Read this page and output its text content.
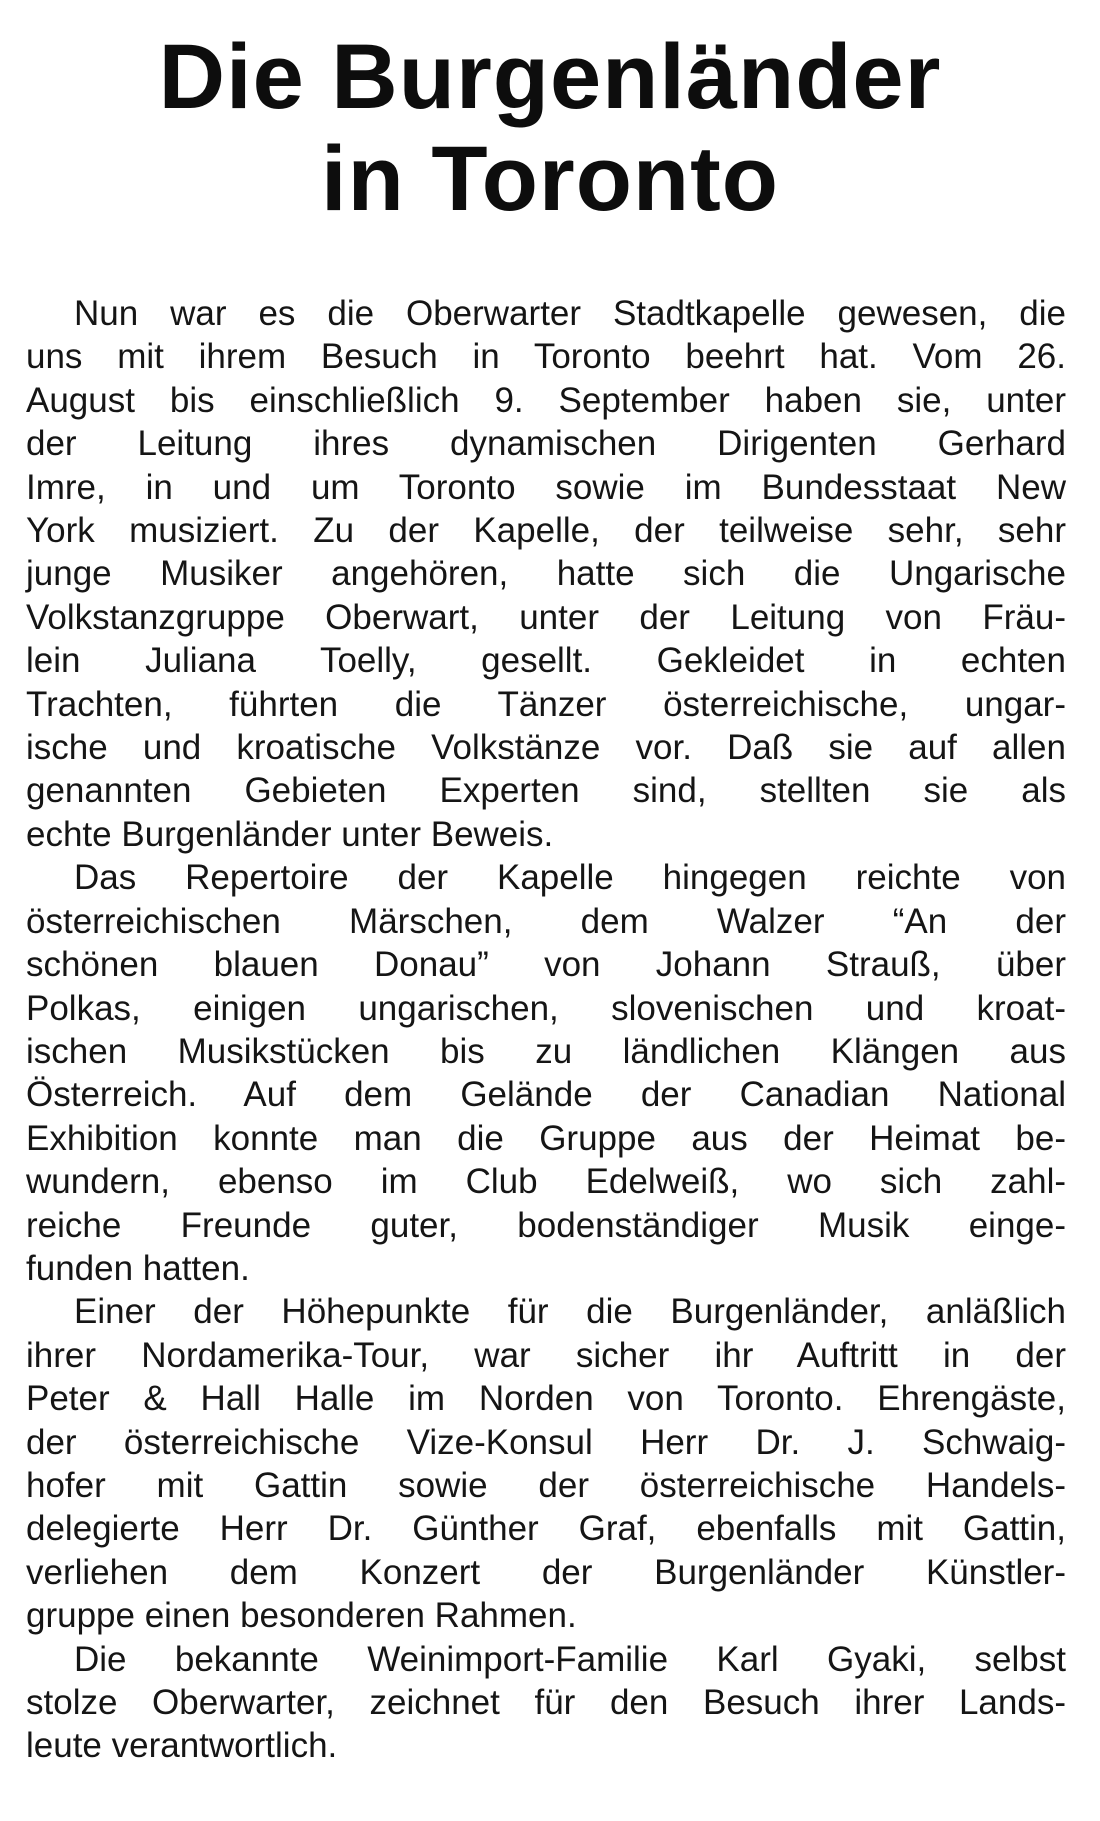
Die Burgenländer
in Toronto
Nun war es die Oberwarter Stadtkapelle gewesen, die
uns mit ihrem Besuch in Toronto beehrt hat. Vom 26.
August bis einschließlich 9. September haben sie, unter
der Leitung ihres dynamischen Dirigenten Gerhard
Imre, in und um Toronto sowie im Bundesstaat New
York musiziert. Zu der Kapelle, der teilweise sehr, sehr
junge Musiker angehören, hatte sich die Ungarische
Volkstanzgruppe Oberwart, unter der Leitung von Fräu-
lein Juliana Toelly, gesellt. Gekleidet in echten
Trachten, führten die Tänzer österreichische, ungar-
ische und kroatische Volkstänze vor. Daß sie auf allen
genannten Gebieten Experten sind, stellten sie als
echte Burgenländer unter Beweis.
Das Repertoire der Kapelle hingegen reichte von
österreichischen Märschen, dem Walzer “An der
schönen blauen Donau” von Johann Strauß, über
Polkas, einigen ungarischen, slovenischen und kroat-
ischen Musikstücken bis zu ländlichen Klängen aus
Österreich. Auf dem Gelände der Canadian National
Exhibition konnte man die Gruppe aus der Heimat be-
wundern, ebenso im Club Edelweiß, wo sich zahl-
reiche Freunde guter, bodenständiger Musik einge-
funden hatten.
Einer der Höhepunkte für die Burgenländer, anläßlich
ihrer Nordamerika-Tour, war sicher ihr Auftritt in der
Peter & Hall Halle im Norden von Toronto. Ehrengäste,
der österreichische Vize-Konsul Herr Dr. J. Schwaig-
hofer mit Gattin sowie der österreichische Handels-
delegierte Herr Dr. Günther Graf, ebenfalls mit Gattin,
verliehen dem Konzert der Burgenländer Künstler-
gruppe einen besonderen Rahmen.
Die bekannte Weinimport-Familie Karl Gyaki, selbst
stolze Oberwarter, zeichnet für den Besuch ihrer Lands-
leute verantwortlich.
